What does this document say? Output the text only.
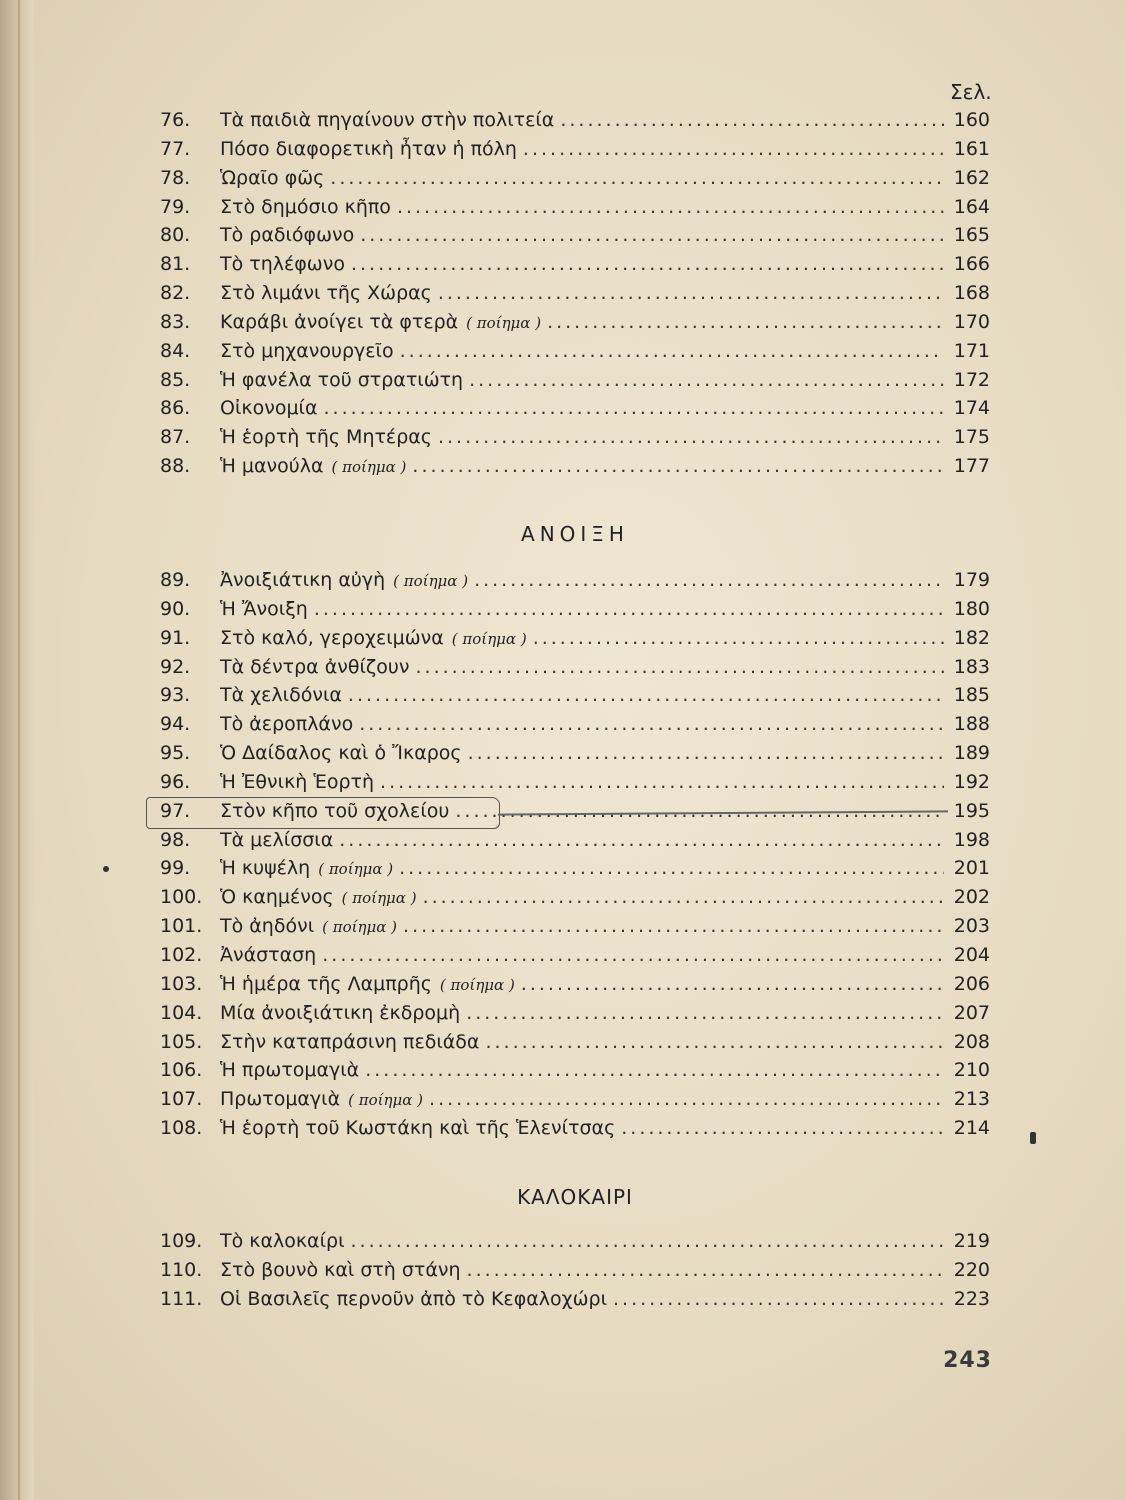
Σελ.
76.	Τὰ παιδιὰ πηγαίνουν στὴν πολιτεία .....	160
77.	Πόσο διαφορετικὴ ἦταν ἡ πόλη .....	161
78.	Ὡραῖο φῶς .....	162
79.	Στὸ δημόσιο κῆπο .....	164
80.	Τὸ ραδιόφωνο .....	165
81.	Τὸ τηλέφωνο .....	166
82.	Στὸ λιμάνι τῆς Χώρας .....	168
83.	Καράβι ἀνοίγει τὰ φτερὰ ( ποίημα ) .....	170
84.	Στὸ μηχανουργεῖο .....	171
85.	Ἡ φανέλα τοῦ στρατιώτη .....	172
86.	Οἰκονομία .....	174
87.	Ἡ ἑορτὴ τῆς Μητέρας .....	175
88.	Ἡ μανούλα ( ποίημα ) .....	177
ΑΝΟΙΞΗ
89.	Ἀνοιξιάτικη αὐγὴ ( ποίημα ) .....	179
90.	Ἡ Ἄνοιξη .....	180
91.	Στὸ καλό, γεροχειμώνα ( ποίημα ) .....	182
92.	Τὰ δέντρα ἀνθίζουν .....	183
93.	Τὰ χελιδόνια .....	185
94.	Τὸ ἀεροπλάνο .....	188
95.	Ὁ Δαίδαλος καὶ ὁ Ἴκαρος .....	189
96.	Ἡ Ἐθνικὴ Ἑορτὴ .....	192
97.	Στὸν κῆπο τοῦ σχολείου .....	195
98.	Τὰ μελίσσια .....	198
99.	Ἡ κυψέλη ( ποίημα ) .....	201
100. Ὁ καημένος ( ποίημα ) .....	202
101. Τὸ ἀηδόνι ( ποίημα ) .....	203
102. Ἀνάσταση .....	204
103. Ἡ ἡμέρα τῆς Λαμπρῆς ( ποίημα ) .....	206
104. Μία ἀνοιξιάτικη ἐκδρομὴ .....	207
105. Στὴν καταπράσινη πεδιάδα .....	208
106. Ἡ πρωτομαγιὰ .....	210
107. Πρωτομαγιὰ ( ποίημα ) .....	213
108. Ἡ ἑορτὴ τοῦ Κωστάκη καὶ τῆς Ἑλενίτσας .....	214
ΚΑΛΟΚΑΙΡΙ
109. Τὸ καλοκαίρι .....	219
110. Στὸ βουνὸ καὶ στὴ στάνη .....	220
111. Οἱ Βασιλεῖς περνοῦν ἀπὸ τὸ Κεφαλοχώρι .....	223
243
